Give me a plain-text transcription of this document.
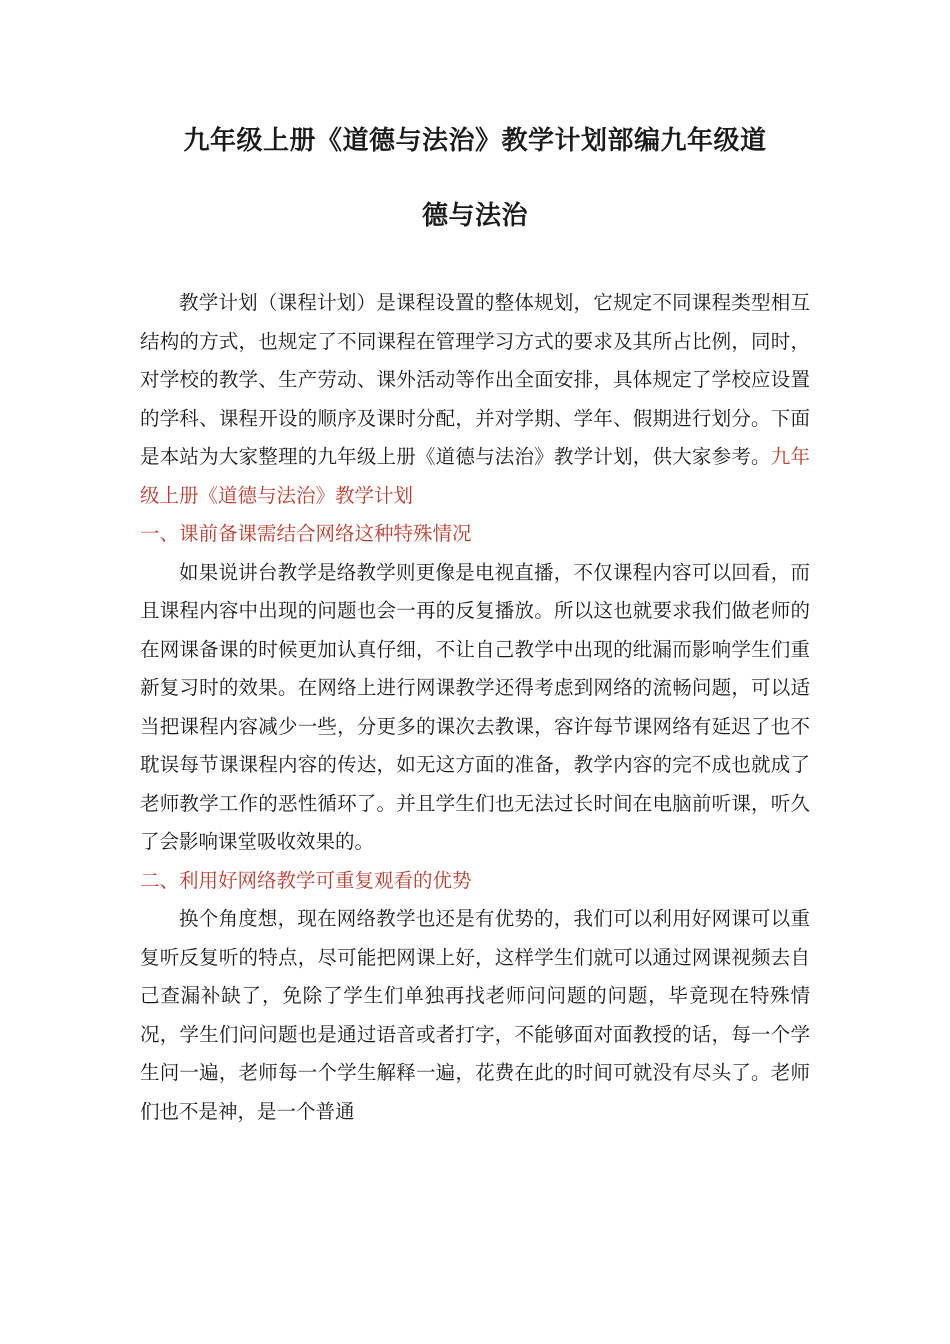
九年级上册《道德与法治》教学计划部编九年级道
德与法治

教学计划（课程计划）是课程设置的整体规划，它规定不同课程类型相互结构的方式，也规定了不同课程在管理学习方式的要求及其所占比例，同时，对学校的教学、生产劳动、课外活动等作出全面安排，具体规定了学校应设置的学科、课程开设的顺序及课时分配，并对学期、学年、假期进行划分。下面是本站为大家整理的九年级上册《道德与法治》教学计划，供大家参考。九年级上册《道德与法治》教学计划

一、课前备课需结合网络这种特殊情况

如果说讲台教学是络教学则更像是电视直播，不仅课程内容可以回看，而且课程内容中出现的问题也会一再的反复播放。所以这也就要求我们做老师的在网课备课的时候更加认真仔细，不让自己教学中出现的纰漏而影响学生们重新复习时的效果。在网络上进行网课教学还得考虑到网络的流畅问题，可以适当把课程内容减少一些，分更多的课次去教课，容许每节课网络有延迟了也不耽误每节课课程内容的传达，如无这方面的准备，教学内容的完不成也就成了老师教学工作的恶性循环了。并且学生们也无法过长时间在电脑前听课，听久了会影响课堂吸收效果的。

二、利用好网络教学可重复观看的优势

换个角度想，现在网络教学也还是有优势的，我们可以利用好网课可以重复听反复听的特点，尽可能把网课上好，这样学生们就可以通过网课视频去自己查漏补缺了，免除了学生们单独再找老师问问题的问题，毕竟现在特殊情况，学生们问问题也是通过语音或者打字，不能够面对面教授的话，每一个学生问一遍，老师每一个学生解释一遍，花费在此的时间可就没有尽头了。老师们也不是神，是一个普通
